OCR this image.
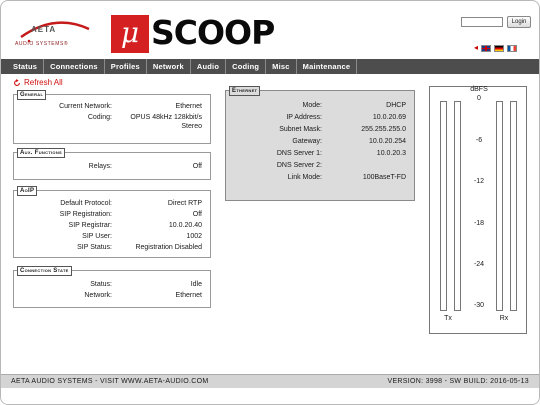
AETA
AUDIO SYSTEMS®	μ SCOOP	Login
◂
Status	Connections	Profiles	Network	Audio	Coding	Misc	Maintenance
Refresh All
General
Current Network:	Ethernet
Coding:	OPUS 48kHz 128kbit/s
Stereo
Aux. Functions
Relays:	Off
AoIP
Default Protocol:	Direct RTP
SIP Registration:	Off
SIP Registrar:	10.0.20.40
SIP User:	1002
SIP Status:	Registration Disabled
Connection State
Status:	Idle
Network:	Ethernet
Ethernet
Mode:	DHCP
IP Address:	10.0.20.69
Subnet Mask:	255.255.255.0
Gateway:	10.0.20.254
DNS Server 1:	10.0.20.3
DNS Server 2:
Link Mode:	100BaseT-FD
dBFS
0
-6
-12
-18
-24
-30
Tx	Rx
AETA AUDIO SYSTEMS - VISIT WWW.AETA-AUDIO.COM	VERSION: 3998 - SW BUILD: 2016-05-13
